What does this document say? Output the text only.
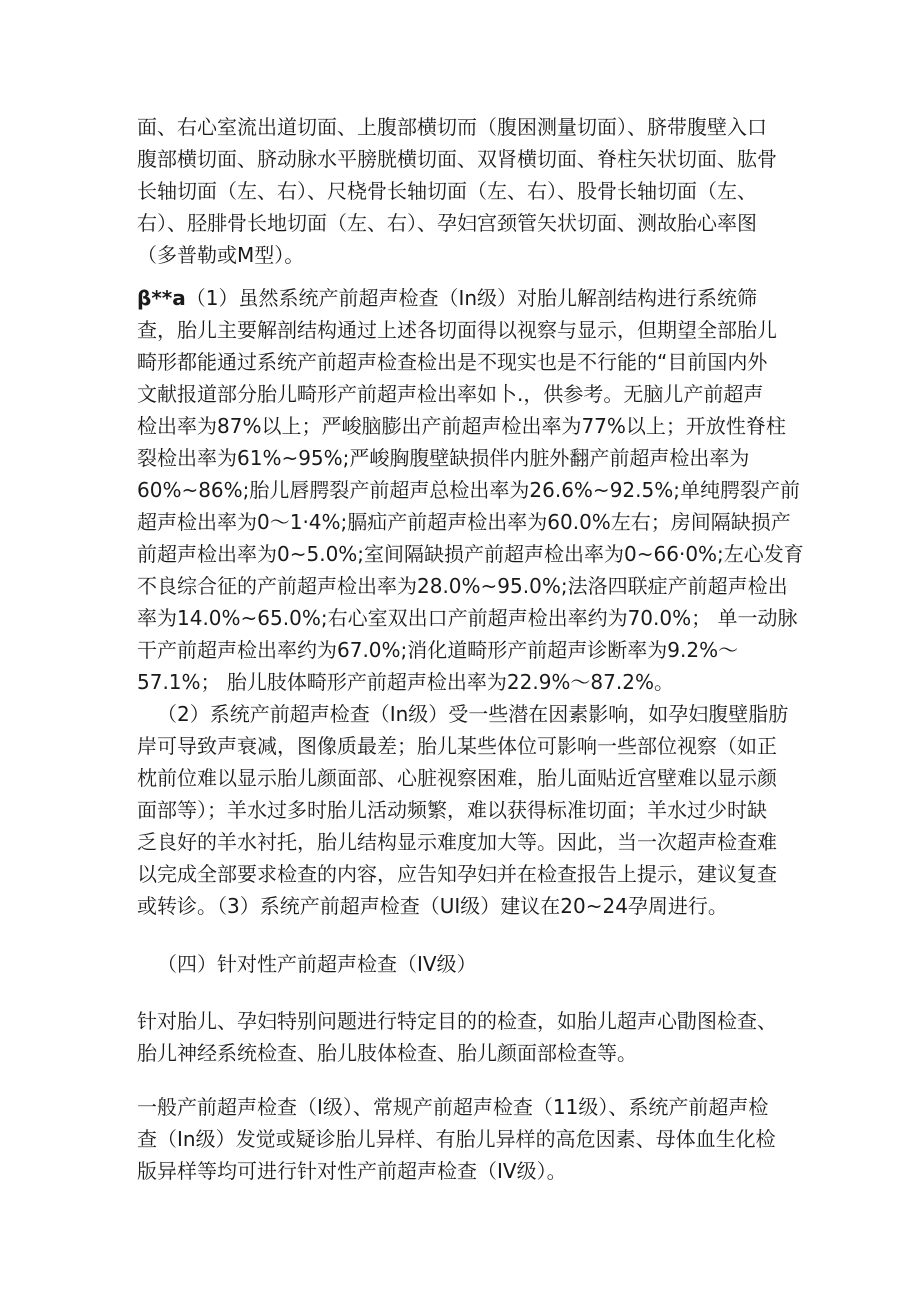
面、右心室流出道切面、上腹部横切而（腹困测量切面）、脐带腹壁入口
腹部横切面、脐动脉水平膀胱横切面、双肾横切面、脊柱矢状切面、肱骨
长轴切面（左、右）、尺桡骨长轴切面（左、右）、股骨长轴切面（左、
右）、胫腓骨长地切面（左、右）、孕妇宫颈管矢状切面、测故胎心率图
（多普勒或M型）。
β**a（1）虽然系统产前超声检查（In级）对胎儿解剖结构进行系统筛
查，胎儿主要解剖结构通过上述各切面得以视察与显示，但期望全部胎儿
畸形都能通过系统产前超声检查检出是不现实也是不行能的“目前国内外
文献报道部分胎儿畸形产前超声检出率如卜.，供参考。无脑儿产前超声
检出率为87%以上；严峻脑膨出产前超声检出率为77%以上；开放性脊柱
裂检出率为61%~95%;严峻胸腹壁缺损伴内脏外翻产前超声检出率为
60%~86%;胎儿唇腭裂产前超声总检出率为26.6%~92.5%;单纯腭裂产前
超声检出率为0～1·4%;膈疝产前超声检出率为60.0%左右；房间隔缺损产
前超声检出率为0~5.0%;室间隔缺损产前超声检出率为0~66·0%;左心发育
不良综合征的产前超声检出率为28.0%~95.0%;法洛四联症产前超声检出
率为14.0%~65.0%;右心室双出口产前超声检出率约为70.0%； 单一动脉
干产前超声检出率约为67.0%;消化道畸形产前超声诊断率为9.2%～
57.1%； 胎儿肢体畸形产前超声检出率为22.9%～87.2%。
（2）系统产前超声检查（In级）受一些潜在因素影响，如孕妇腹壁脂肪
岸可导致声衰减，图像质最差；胎儿某些体位可影响一些部位视察（如正
枕前位难以显示胎儿颜面部、心脏视察困难，胎儿面贴近宫壁难以显示颜
面部等）；羊水过多时胎儿活动频繁，难以获得标准切面；羊水过少时缺
乏良好的羊水衬托，胎儿结构显示难度加大等。因此，当一次超声检查难
以完成全部要求检查的内容，应告知孕妇并在检查报告上提示，建议复查
或转诊。（3）系统产前超声检查（UI级）建议在20~24孕周进行。
（四）针对性产前超声检查（IV级）
针对胎儿、孕妇特别问题进行特定目的的检查，如胎儿超声心勖图检查、
胎儿神经系统检查、胎儿肢体检查、胎儿颜面部检查等。
一般产前超声检查（I级）、常规产前超声检查（11级）、系统产前超声检
查（In级）发觉或疑诊胎儿异样、有胎儿异样的高危因素、母体血生化检
版异样等均可进行针对性产前超声检查（IV级）。
